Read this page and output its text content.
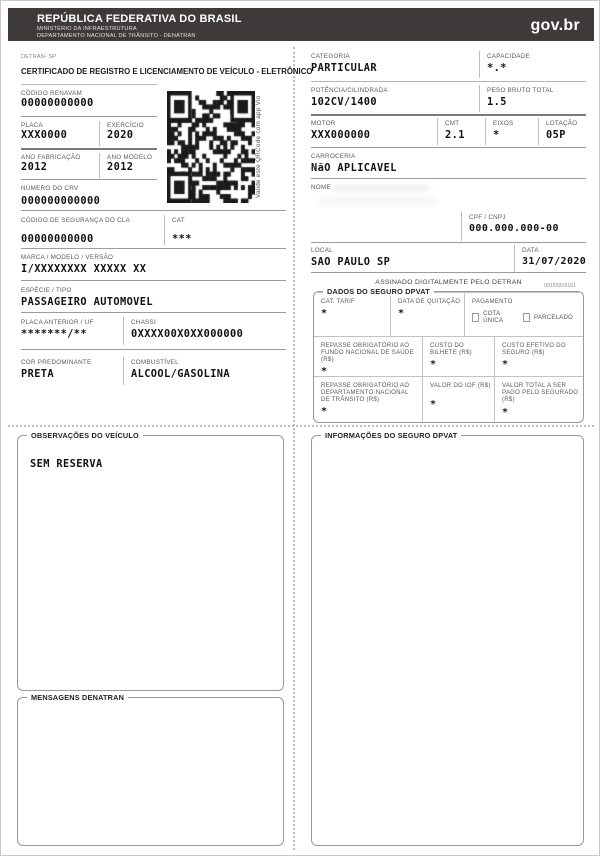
REPÚBLICA FEDERATIVA DO BRASIL
MINISTÉRIO DA INFRAESTRUTURA
DEPARTAMENTO NACIONAL DE TRÂNSITO - DENATRAN
gov.br
DETRAN- SP
CERTIFICADO DE REGISTRO E LICENCIAMENTO DE VEÍCULO - ELETRÔNICO
CÓDIGO RENAVAM
00000000000
PLACA
XXX0000
EXERCÍCIO
2020
ANO FABRICAÇÃO
2012
ANO MODELO
2012
NÚMERO DO CRV
000000000000
Valide este QRCode com app Vio
CÓDIGO DE SEGURANÇA DO CLA
00000000000
CAT
***
MARCA / MODELO / VERSÃO
I/XXXXXXXX XXXXX XX
ESPÉCIE / TIPO
PASSAGEIRO AUTOMOVEL
PLACA ANTERIOR / UF
*******/**
CHASSI
0XXXX00X0XX000000
COR PREDOMINANTE
PRETA
COMBUSTÍVEL
ALCOOL/GASOLINA
CATEGORIA
PARTICULAR
CAPACIDADE
*.*
POTÊNCIA/CILINDRADA
102CV/1400
PESO BRUTO TOTAL
1.5
MOTOR
XXX000000
CMT
2.1
EIXOS
*
LOTAÇÃO
05P
CARROCERIA
NãO APLICAVEL
NOME
CPF / CNPJ
000.000.000-00
LOCAL
SAO PAULO SP
DATA
31/07/2020
ASSINADO DIGITALMENTE PELO DETRAN	00150316161
DADOS DO SEGURO DPVAT
CAT. TARIF
*
DATA DE QUITAÇÃO
*
PAGAMENTO
COTA ÚNICA	PARCELADO
REPASSE OBRIGATÓRIO AO FUNDO NACIONAL DE SAÚDE (R$)
*
CUSTO DO BILHETE (R$)
*
CUSTO EFETIVO DO SEGURO (R$)
*
REPASSE OBRIGATÓRIO AO DEPARTAMENTO NACIONAL DE TRÂNSITO (R$)
*
VALOR DO IOF (R$)
*
VALOR TOTAL A SER PAGO PELO SEGURADO (R$)
*
OBSERVAÇÕES DO VEÍCULO
SEM RESERVA
MENSAGENS DENATRAN
INFORMAÇÕES DO SEGURO DPVAT
